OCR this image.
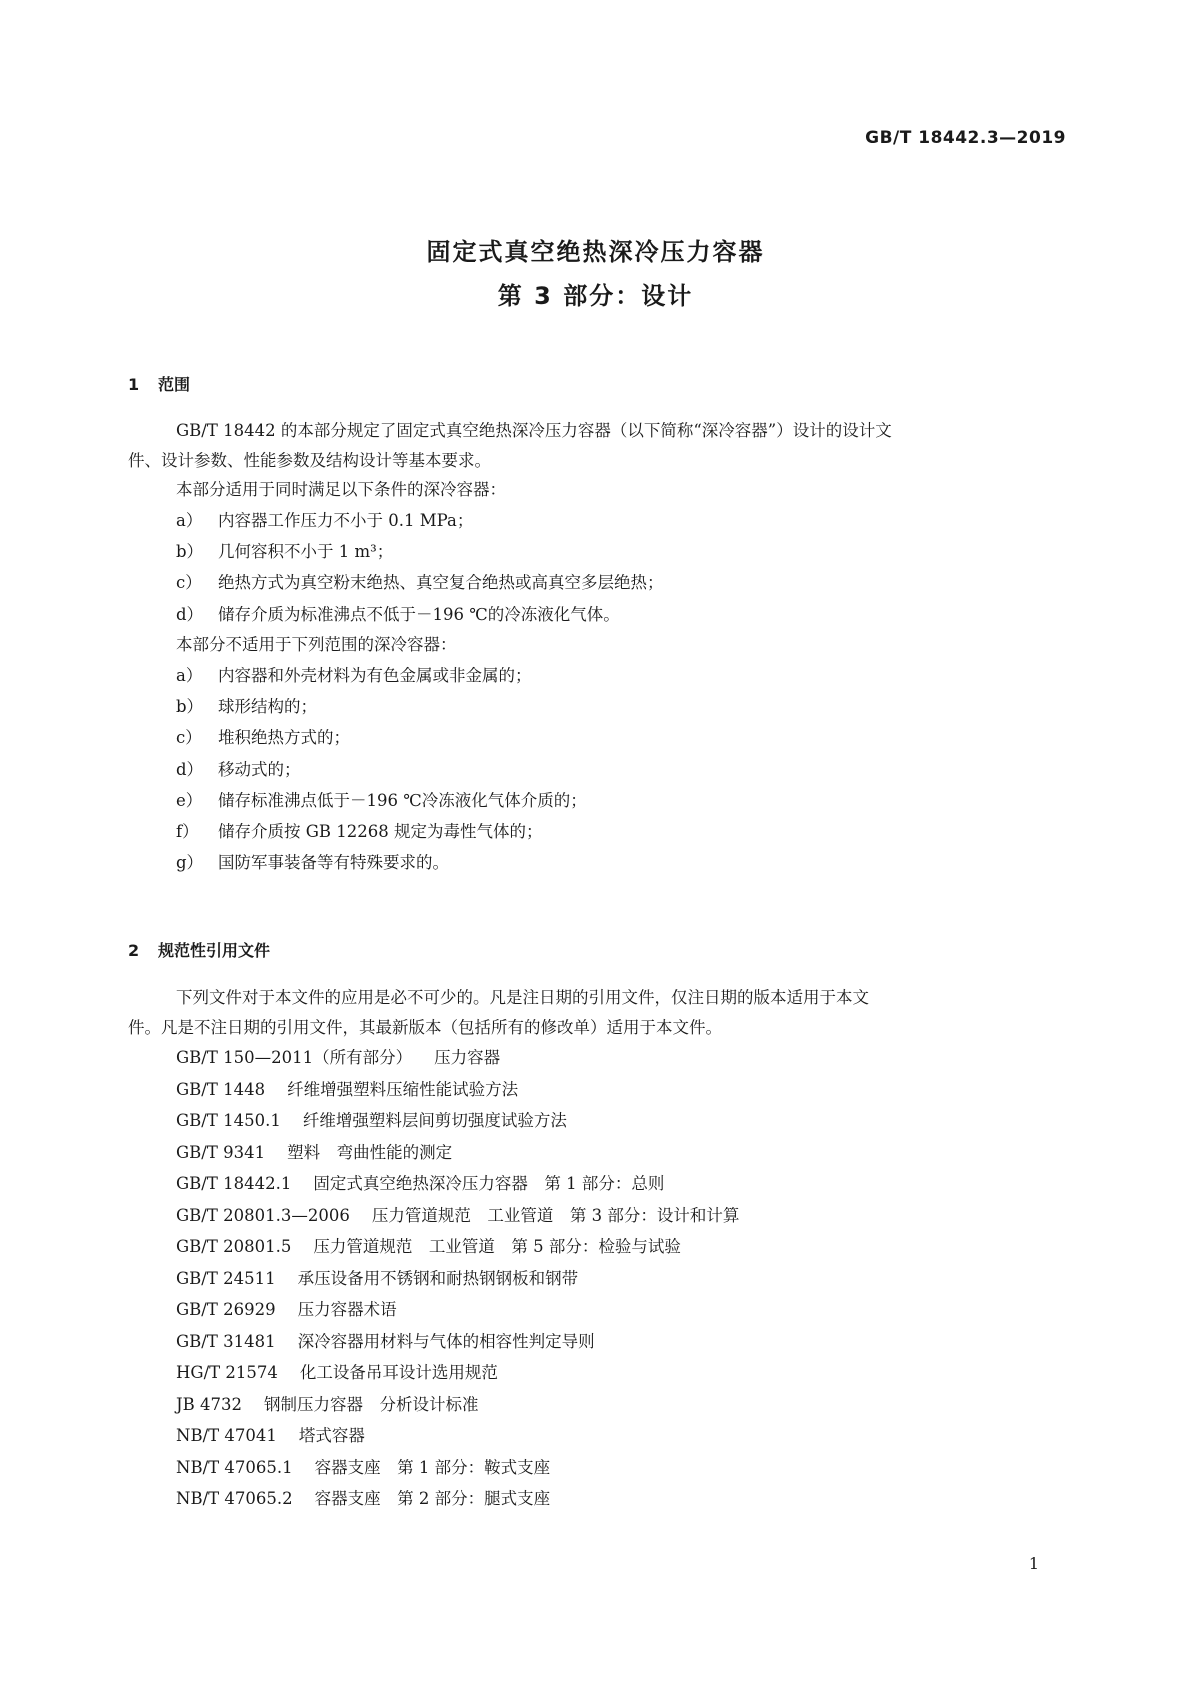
GB/T 18442.3—2019
固定式真空绝热深冷压力容器
第 3 部分：设计
1 范围
GB/T 18442 的本部分规定了固定式真空绝热深冷压力容器（以下简称“深冷容器”）设计的设计文
件、设计参数、性能参数及结构设计等基本要求。
本部分适用于同时满足以下条件的深冷容器：
a） 内容器工作压力不小于 0.1 MPa；
b） 几何容积不小于 1 m³；
c） 绝热方式为真空粉末绝热、真空复合绝热或高真空多层绝热；
d） 储存介质为标准沸点不低于－196 ℃的冷冻液化气体。
本部分不适用于下列范围的深冷容器：
a） 内容器和外壳材料为有色金属或非金属的；
b） 球形结构的；
c） 堆积绝热方式的；
d） 移动式的；
e） 储存标准沸点低于－196 ℃冷冻液化气体介质的；
f） 储存介质按 GB 12268 规定为毒性气体的；
g） 国防军事装备等有特殊要求的。
2 规范性引用文件
下列文件对于本文件的应用是必不可少的。凡是注日期的引用文件，仅注日期的版本适用于本文
件。凡是不注日期的引用文件，其最新版本（包括所有的修改单）适用于本文件。
GB/T 150—2011（所有部分） 压力容器
GB/T 1448 纤维增强塑料压缩性能试验方法
GB/T 1450.1 纤维增强塑料层间剪切强度试验方法
GB/T 9341 塑料　弯曲性能的测定
GB/T 18442.1 固定式真空绝热深冷压力容器　第 1 部分：总则
GB/T 20801.3—2006 压力管道规范　工业管道　第 3 部分：设计和计算
GB/T 20801.5 压力管道规范　工业管道　第 5 部分：检验与试验
GB/T 24511 承压设备用不锈钢和耐热钢钢板和钢带
GB/T 26929 压力容器术语
GB/T 31481 深冷容器用材料与气体的相容性判定导则
HG/T 21574 化工设备吊耳设计选用规范
JB 4732 钢制压力容器　分析设计标准
NB/T 47041 塔式容器
NB/T 47065.1 容器支座　第 1 部分：鞍式支座
NB/T 47065.2 容器支座　第 2 部分：腿式支座
1
